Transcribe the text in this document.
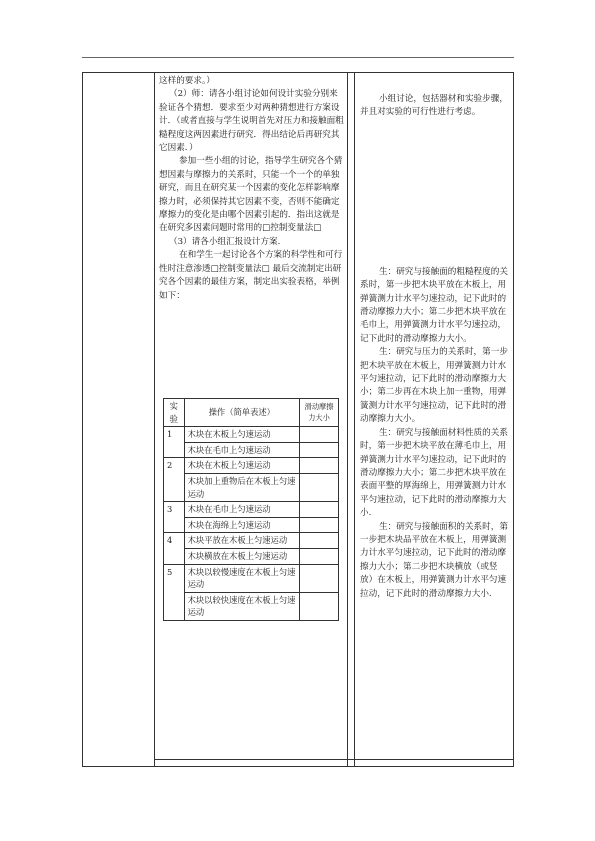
这样的要求。）

（2）师：请各小组讨论如何设计实验分别来验证各个猜想．要求至少对两种猜想进行方案设计．（或者直接与学生说明首先对压力和接触面粗糙程度这两因素进行研究．得出结论后再研究其它因素．）

参加一些小组的讨论，指导学生研究各个猜想因素与摩擦力的关系时，只能一个一个的单独研究，而且在研究某一个因素的变化怎样影响摩擦力时，必须保持其它因素不变，否则不能确定摩擦力的变化是由哪个因素引起的．指出这就是在研究多因素问题时常用的□控制变量法□

（3）请各小组汇报设计方案.

在和学生一起讨论各个方案的科学性和可行性时注意渗透□控制变量法□ 最后交流制定出研究各个因素的最佳方案，制定出实验表格，举例如下：

实验	操作（简单表述）	滑动摩擦力大小
1	木块在木板上匀速运动	
	木块在毛巾上匀速运动	
2	木块在木板上匀速运动	
	木块加上重物后在木板上匀速运动	
3	木块在毛巾上匀速运动	
	木块在海绵上匀速运动	
4	木块平放在木板上匀速运动	
	木块横放在木板上匀速运动	
5	木块以较慢速度在木板上匀速运动	
	木块以较快速度在木板上匀速运动	

小组讨论，包括器材和实验步骤，并且对实验的可行性进行考虑。

生：研究与接触面的粗糙程度的关系时，第一步把木块平放在木板上，用弹簧测力计水平匀速拉动，记下此时的滑动摩擦力大小；第二步把木块平放在毛巾上，用弹簧测力计水平匀速拉动，记下此时的滑动摩擦力大小。

生：研究与压力的关系时，第一步把木块平放在木板上，用弹簧测力计水平匀速拉动，记下此时的滑动摩擦力大小；第二步再在木块上加一重物，用弹簧测力计水平匀速拉动，记下此时的滑动摩擦力大小。

生：研究与接触面材料性质的关系时，第一步把木块平放在薄毛巾上，用弹簧测力计水平匀速拉动，记下此时的滑动摩擦力大小；第二步把木块平放在表面平整的厚海绵上，用弹簧测力计水平匀速拉动，记下此时的滑动摩擦力大小.

生：研究与接触面积的关系时，第一步把木块品平放在木板上，用弹簧测力计水平匀速拉动，记下此时的滑动摩擦力大小；第二步把木块横放（或竖放）在木板上，用弹簧测力计水平匀速拉动，记下此时的滑动摩擦力大小.
